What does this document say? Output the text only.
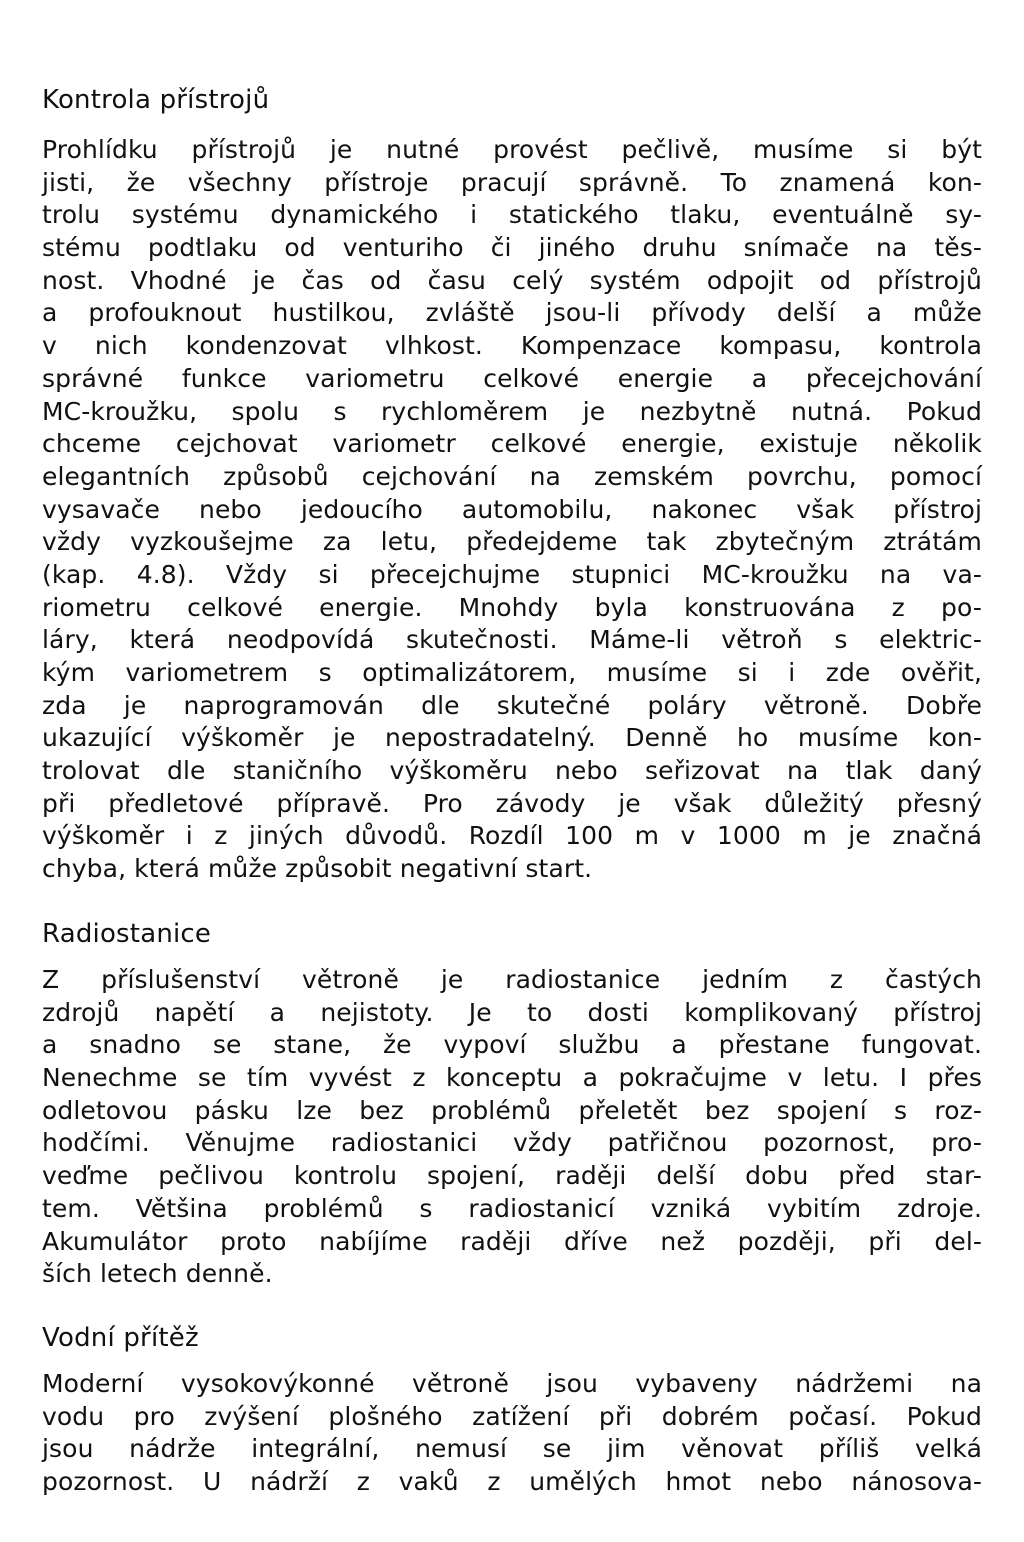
Kontrola přístrojů
Prohlídku přístrojů je nutné provést pečlivě, musíme si být
jisti, že všechny přístroje pracují správně. To znamená kon-
trolu systému dynamického i statického tlaku, eventuálně sy-
stému podtlaku od venturiho či jiného druhu snímače na těs-
nost. Vhodné je čas od času celý systém odpojit od přístrojů
a profouknout hustilkou, zvláště jsou-li přívody delší a může
v nich kondenzovat vlhkost. Kompenzace kompasu, kontrola
správné funkce variometru celkové energie a přecejchování
MC-kroužku, spolu s rychloměrem je nezbytně nutná. Pokud
chceme cejchovat variometr celkové energie, existuje několik
elegantních způsobů cejchování na zemském povrchu, pomocí
vysavače nebo jedoucího automobilu, nakonec však přístroj
vždy vyzkoušejme za letu, předejdeme tak zbytečným ztrátám
(kap. 4.8). Vždy si přecejchujme stupnici MC-kroužku na va-
riometru celkové energie. Mnohdy byla konstruována z po-
láry, která neodpovídá skutečnosti. Máme-li větroň s elektric-
kým variometrem s optimalizátorem, musíme si i zde ověřit,
zda je naprogramován dle skutečné poláry větroně. Dobře
ukazující výškoměr je nepostradatelný. Denně ho musíme kon-
trolovat dle staničního výškoměru nebo seřizovat na tlak daný
při předletové přípravě. Pro závody je však důležitý přesný
výškoměr i z jiných důvodů. Rozdíl 100 m v 1000 m je značná
chyba, která může způsobit negativní start.
Radiostanice
Z příslušenství větroně je radiostanice jedním z častých
zdrojů napětí a nejistoty. Je to dosti komplikovaný přístroj
a snadno se stane, že vypoví službu a přestane fungovat.
Nenechme se tím vyvést z konceptu a pokračujme v letu. I přes
odletovou pásku lze bez problémů přeletět bez spojení s roz-
hodčími. Věnujme radiostanici vždy patřičnou pozornost, pro-
veďme pečlivou kontrolu spojení, raději delší dobu před star-
tem. Většina problémů s radiostanicí vzniká vybitím zdroje.
Akumulátor proto nabíjíme raději dříve než později, při del-
ších letech denně.
Vodní přítěž
Moderní vysokovýkonné větroně jsou vybaveny nádržemi na
vodu pro zvýšení plošného zatížení při dobrém počasí. Pokud
jsou nádrže integrální, nemusí se jim věnovat příliš velká
pozornost. U nádrží z vaků z umělých hmot nebo nánosova-
